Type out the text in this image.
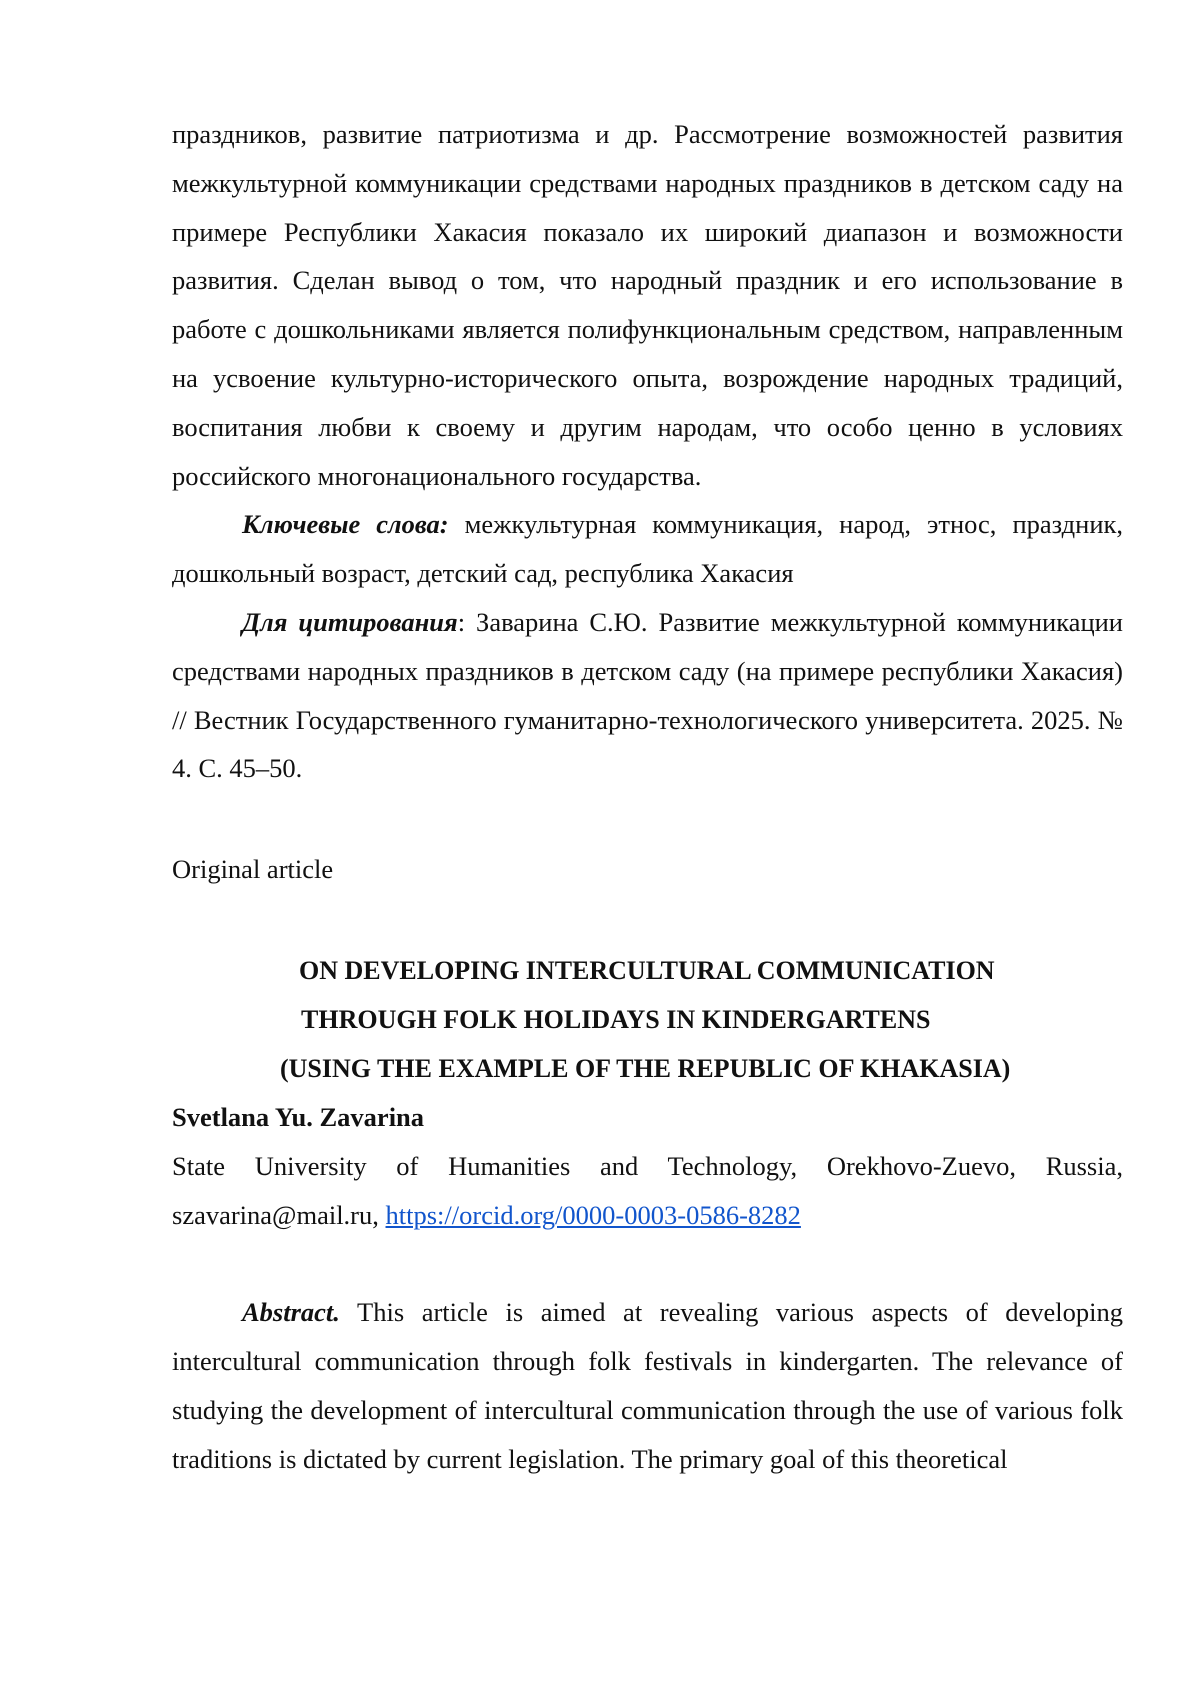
праздников, развитие патриотизма и др. Рассмотрение возможностей развития межкультурной коммуникации средствами народных праздников в детском саду на примере Республики Хакасия показало их широкий диапазон и возможности развития. Сделан вывод о том, что народный праздник и его использование в работе с дошкольниками является полифункциональным средством, направленным на усвоение культурно-исторического опыта, возрождение народных традиций, воспитания любви к своему и другим народам, что особо ценно в условиях российского многонационального государства.

Ключевые слова: межкультурная коммуникация, народ, этнос, праздник, дошкольный возраст, детский сад, республика Хакасия

Для цитирования: Заварина С.Ю. Развитие межкультурной коммуникации средствами народных праздников в детском саду (на примере республики Хакасия) // Вестник Государственного гуманитарно-технологического университета. 2025. № 4. С. 45–50.

Original article

ON DEVELOPING INTERCULTURAL COMMUNICATION
THROUGH FOLK HOLIDAYS IN KINDERGARTENS
(USING THE EXAMPLE OF THE REPUBLIC OF KHAKASIA)
Svetlana Yu. Zavarina

State University of Humanities and Technology, Orekhovo-Zuevo, Russia, szavarina@mail.ru, https://orcid.org/0000-0003-0586-8282

Abstract. This article is aimed at revealing various aspects of developing intercultural communication through folk festivals in kindergarten. The relevance of studying the development of intercultural communication through the use of various folk traditions is dictated by current legislation. The primary goal of this theoretical
